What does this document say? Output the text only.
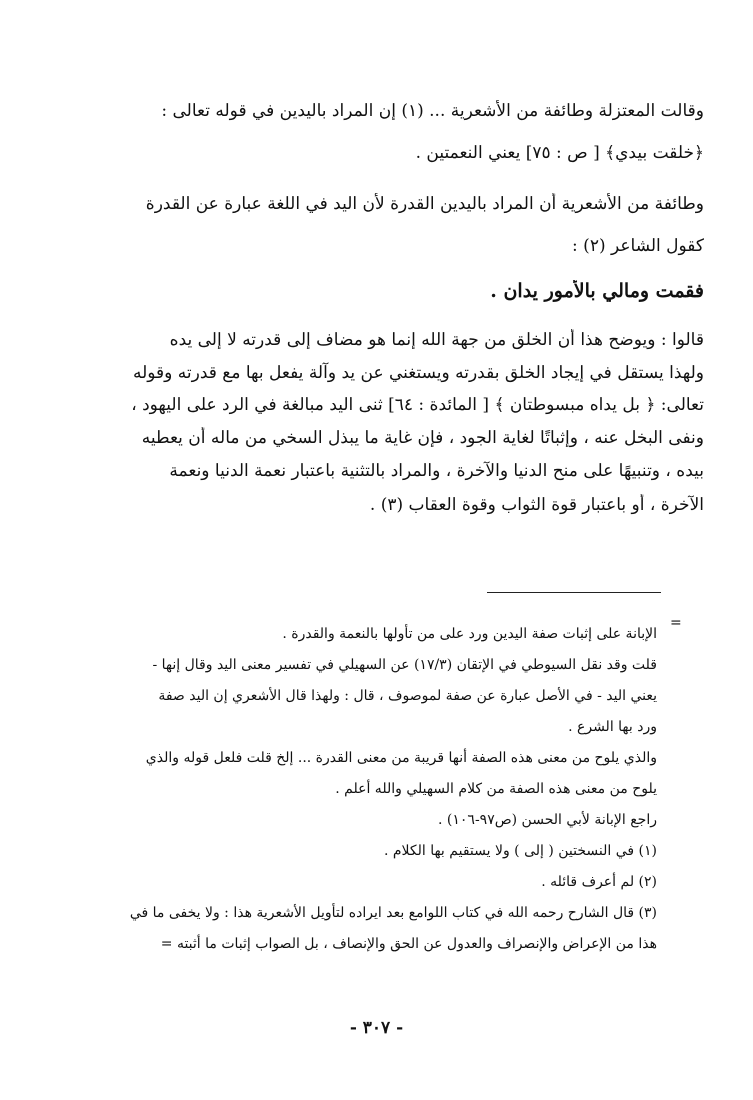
وقالت المعتزلة وطائفة من الأشعرية ... (١) إن المراد باليدين في قوله تعالى :
﴿خلقت بيدي﴾ [ ص : ٧٥] يعني النعمتين .
وطائفة من الأشعرية أن المراد باليدين القدرة لأن اليد في اللغة عبارة عن القدرة
كقول الشاعر (٢) :
فقمت ومالي بالأمور يدان .
قالوا : ويوضح هذا أن الخلق من جهة الله إنما هو مضاف إلى قدرته لا إلى يده
ولهذا يستقل في إيجاد الخلق بقدرته ويستغني عن يد وآلة يفعل بها مع قدرته وقوله
تعالى: ﴿ بل يداه مبسوطتان ﴾ [ المائدة : ٦٤] ثنى اليد مبالغة في الرد على اليهود ،
ونفى البخل عنه ، وإثباتًا لغاية الجود ، فإن غاية ما يبذل السخي من ماله أن يعطيه
بيده ، وتنبيهًا على منح الدنيا والآخرة ، والمراد بالتثنية باعتبار نعمة الدنيا ونعمة
الآخرة ، أو باعتبار قوة الثواب وقوة العقاب (٣) .
=
الإبانة على إثبات صفة اليدين ورد على من تأولها بالنعمة والقدرة .
قلت وقد نقل السيوطي في الإتقان (١٧/٣) عن السهيلي في تفسير معنى اليد وقال إنها -
يعني اليد - في الأصل عبارة عن صفة لموصوف ، قال : ولهذا قال الأشعري إن اليد صفة
ورد بها الشرع .
والذي يلوح من معنى هذه الصفة أنها قريبة من معنى القدرة ... إلخ قلت فلعل قوله والذي
يلوح من معنى هذه الصفة من كلام السهيلي والله أعلم .
راجع الإبانة لأبي الحسن (ص٩٧-١٠٦) .
(١) في النسختين ( إلى ) ولا يستقيم بها الكلام .
(٢) لم أعرف قائله .
(٣) قال الشارح رحمه الله في كتاب اللوامع بعد ايراده لتأويل الأشعرية هذا : ولا يخفى ما في
هذا من الإعراض والإنصراف والعدول عن الحق والإنصاف ، بل الصواب إثبات ما أثبته =
- ٣٠٧ -
